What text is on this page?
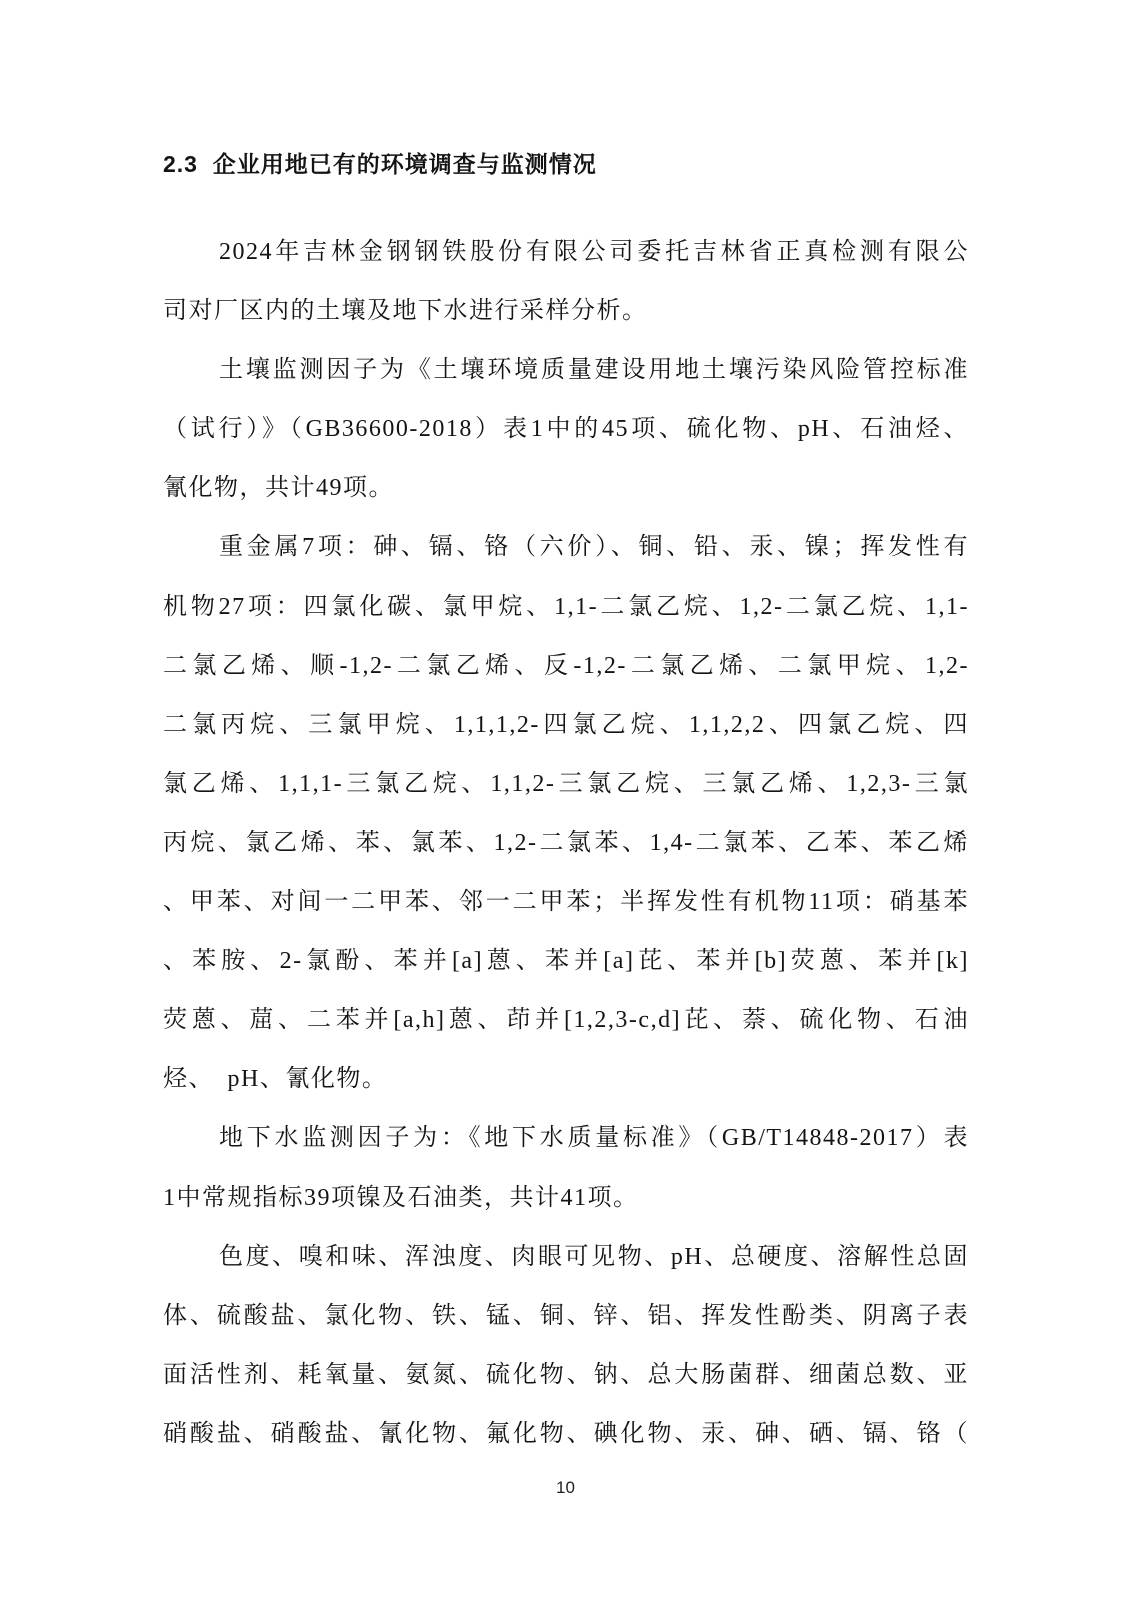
2.3  企业用地已有的环境调查与监测情况
2024年吉林金钢钢铁股份有限公司委托吉林省正真检测有限公
司对厂区内的土壤及地下水进行采样分析。
土壤监测因子为《土壤环境质量建设用地土壤污染风险管控标准
（试行）》（GB36600-2018）表1中的45项、硫化物、pH、石油烃、
氰化物，共计49项。
重金属7项：砷、镉、铬（六价）、铜、铅、汞、镍；挥发性有
机物27项：四氯化碳、氯甲烷、1,1-二氯乙烷、1,2-二氯乙烷、1,1-
二氯乙烯、顺-1,2-二氯乙烯、反-1,2-二氯乙烯、二氯甲烷、1,2-
二氯丙烷、三氯甲烷、1,1,1,2-四氯乙烷、1,1,2,2、四氯乙烷、四
氯乙烯、1,1,1-三氯乙烷、1,1,2-三氯乙烷、三氯乙烯、1,2,3-三氯
丙烷、氯乙烯、苯、氯苯、1,2-二氯苯、1,4-二氯苯、乙苯、苯乙烯
、甲苯、对间一二甲苯、邻一二甲苯；半挥发性有机物11项：硝基苯
、苯胺、2-氯酚、苯并[a]蒽、苯并[a]芘、苯并[b]荧蒽、苯并[k]
荧蒽、䓛、二苯并[a,h]蒽、茚并[1,2,3-c,d]芘、萘、硫化物、石油
烃、　pH、氰化物。
地下水监测因子为：《地下水质量标准》（GB/T14848-2017）表
1中常规指标39项镍及石油类，共计41项。
色度、嗅和味、浑浊度、肉眼可见物、pH、总硬度、溶解性总固
体、硫酸盐、氯化物、铁、锰、铜、锌、铝、挥发性酚类、阴离子表
面活性剂、耗氧量、氨氮、硫化物、钠、总大肠菌群、细菌总数、亚
硝酸盐、硝酸盐、氰化物、氟化物、碘化物、汞、砷、硒、镉、铬（
10
